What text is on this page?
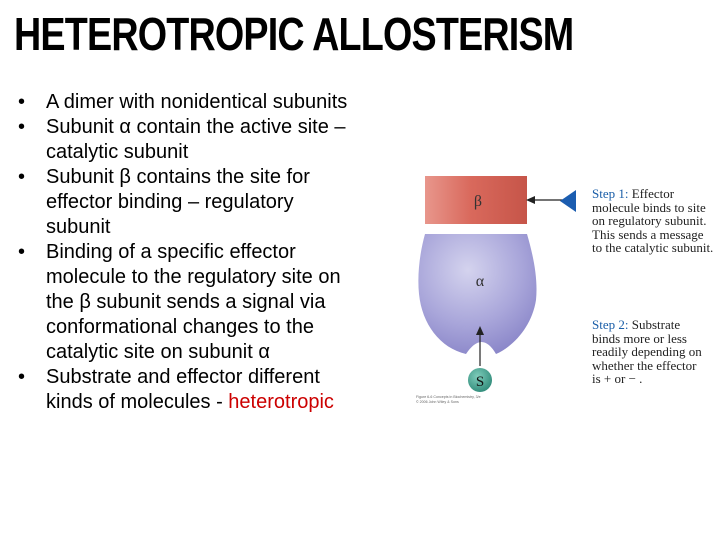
HETEROTROPIC ALLOSTERISM
• A dimer with nonidentical subunits
• Subunit α contain the active site –
catalytic subunit
• Subunit β contains the site for
effector binding – regulatory
subunit
• Binding of a specific effector
molecule to the regulatory site on
the β subunit sends a signal via
conformational changes to the
catalytic site on subunit α
• Substrate and effector different
kinds of molecules - heterotropic
β
α
S
Figure 6-6 Concepts in Biochemistry, 3/e
© 2006 John Wiley & Sons
Step 1: Effector
molecule binds to site
on regulatory subunit.
This sends a message
to the catalytic subunit.
Step 2: Substrate
binds more or less
readily depending on
whether the effector
is + or − .
